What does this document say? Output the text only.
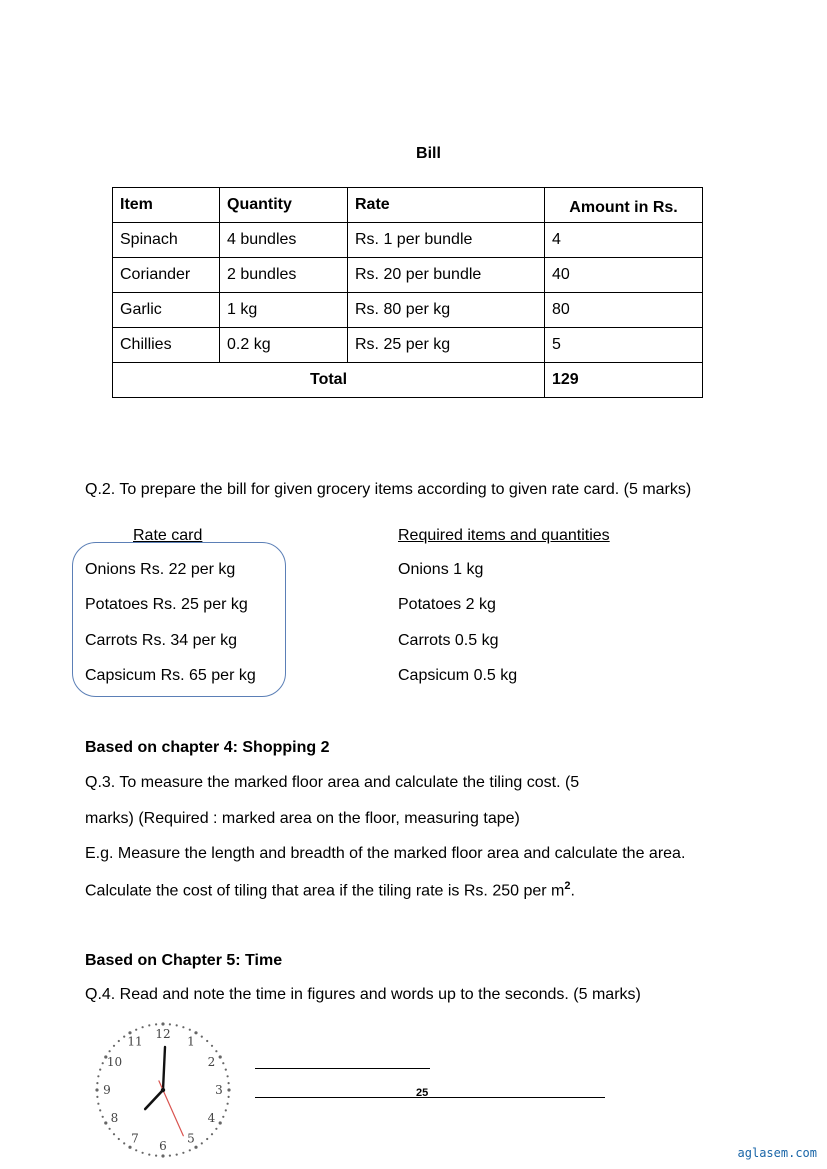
Bill
Item	Quantity	Rate	Amount in Rs.
Spinach	4 bundles	Rs. 1 per bundle	4
Coriander	2 bundles	Rs. 20 per bundle	40
Garlic	1 kg	Rs. 80 per kg	80
Chillies	0.2 kg	Rs. 25 per kg	5
Total			129
Q.2. To prepare the bill for given grocery items according to given rate card. (5 marks)
Rate card
Onions Rs. 22 per kg
Potatoes Rs. 25 per kg
Carrots Rs. 34 per kg
Capsicum Rs. 65 per kg
Required items and quantities
Onions 1 kg
Potatoes 2 kg
Carrots 0.5 kg
Capsicum 0.5 kg
Based on chapter 4: Shopping 2
Q.3. To measure the marked floor area and calculate the tiling cost. (5
marks) (Required : marked area on the floor, measuring tape)
E.g. Measure the length and breadth of the marked floor area and calculate the area.
Calculate the cost of tiling that area if the tiling rate is Rs. 250 per $m^2$.
Based on Chapter 5: Time
Q.4. Read and note the time in figures and words up to the seconds. (5 marks)
12
1
2
3
4
5
6
7
8
9
10
11
25
aglasem.com
